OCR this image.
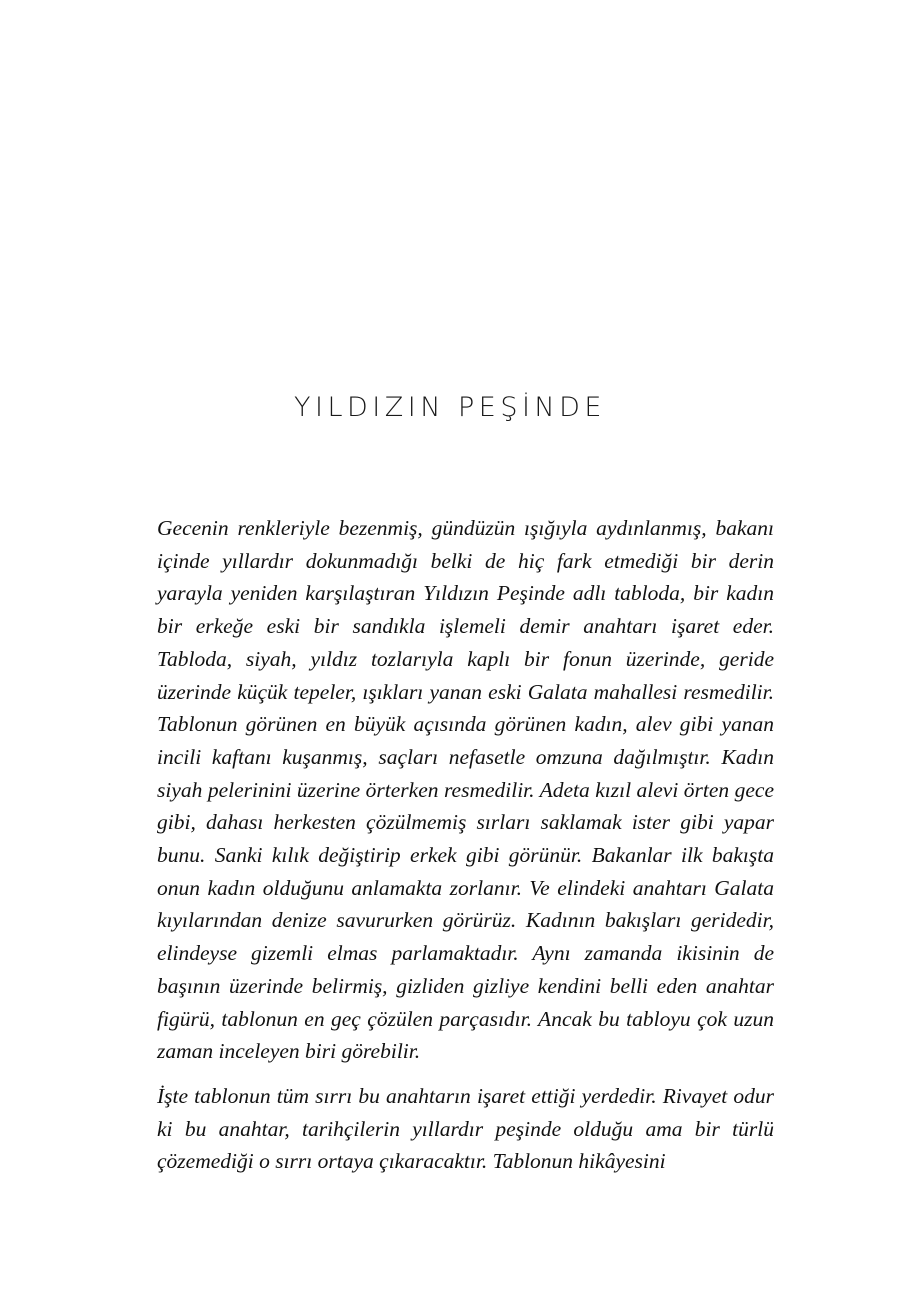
YILDIZIN PEŞİNDE

Gecenin renkleriyle bezenmiş, gündüzün ışığıyla aydınlanmış, bakanı içinde yıllardır dokunmadığı belki de hiç fark etmediği bir derin yarayla yeniden karşılaştıran Yıldızın Peşinde adlı tabloda, bir kadın bir erkeğe eski bir sandıkla işlemeli demir anahtarı işaret eder. Tabloda, siyah, yıldız tozlarıyla kaplı bir fonun üzerinde, geride üzerinde küçük tepeler, ışıkları yanan eski Galata mahallesi resmedilir. Tablonun görünen en büyük açısında görünen kadın, alev gibi yanan incili kaftanı kuşanmış, saçları nefasetle omzuna dağılmıştır. Kadın siyah pelerinini üzerine örterken resmedilir. Adeta kızıl alevi örten gece gibi, dahası herkesten çözülmemiş sırları saklamak ister gibi yapar bunu. Sanki kılık değiştirip erkek gibi görünür. Bakanlar ilk bakışta onun kadın olduğunu anlamakta zorlanır. Ve elindeki anahtarı Galata kıyılarından denize savururken görürüz. Kadının bakışları geridedir, elindeyse gizemli elmas parlamaktadır. Aynı zamanda ikisinin de başının üzerinde belirmiş, gizliden gizliye kendini belli eden anahtar figürü, tablonun en geç çözülen parçasıdır. Ancak bu tabloyu çok uzun zaman inceleyen biri görebilir.

İşte tablonun tüm sırrı bu anahtarın işaret ettiği yerdedir. Rivayet odur ki bu anahtar, tarihçilerin yıllardır peşinde olduğu ama bir türlü çözemediği o sırrı ortaya çıkaracaktır. Tablonun hikâyesini
